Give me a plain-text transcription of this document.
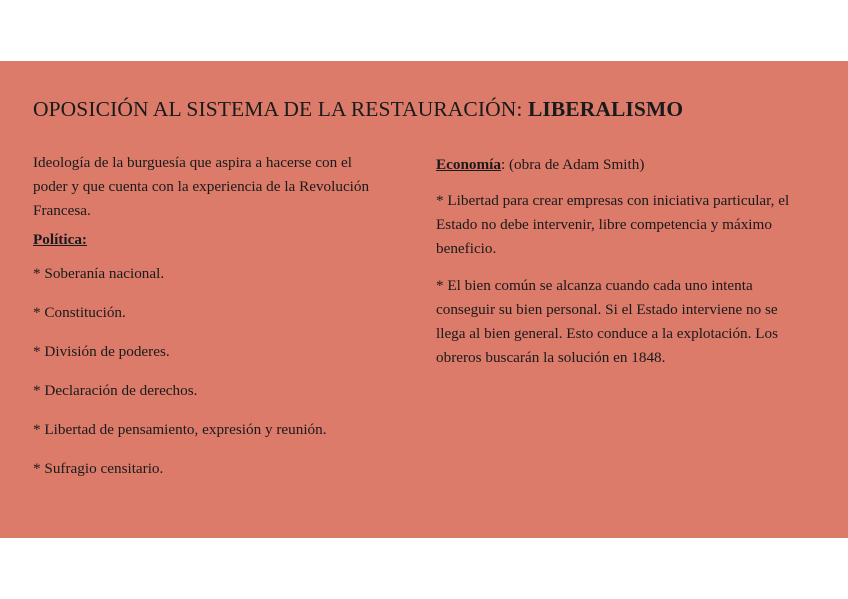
OPOSICIÓN AL SISTEMA DE LA RESTAURACIÓN: LIBERALISMO

Ideología de la burguesía que aspira a hacerse con el poder y que cuenta con la experiencia de la Revolución Francesa.

Política:

* Soberanía nacional.

* Constitución.

* División de poderes.

* Declaración de derechos.

* Libertad de pensamiento, expresión y reunión.

* Sufragio censitario.

Economía: (obra de Adam Smith)

* Libertad para crear empresas con iniciativa particular, el Estado no debe intervenir, libre competencia y máximo beneficio.

* El bien común se alcanza cuando cada uno intenta conseguir su bien personal. Si el Estado interviene no se llega al bien general. Esto conduce a la explotación. Los obreros buscarán la solución en 1848.
